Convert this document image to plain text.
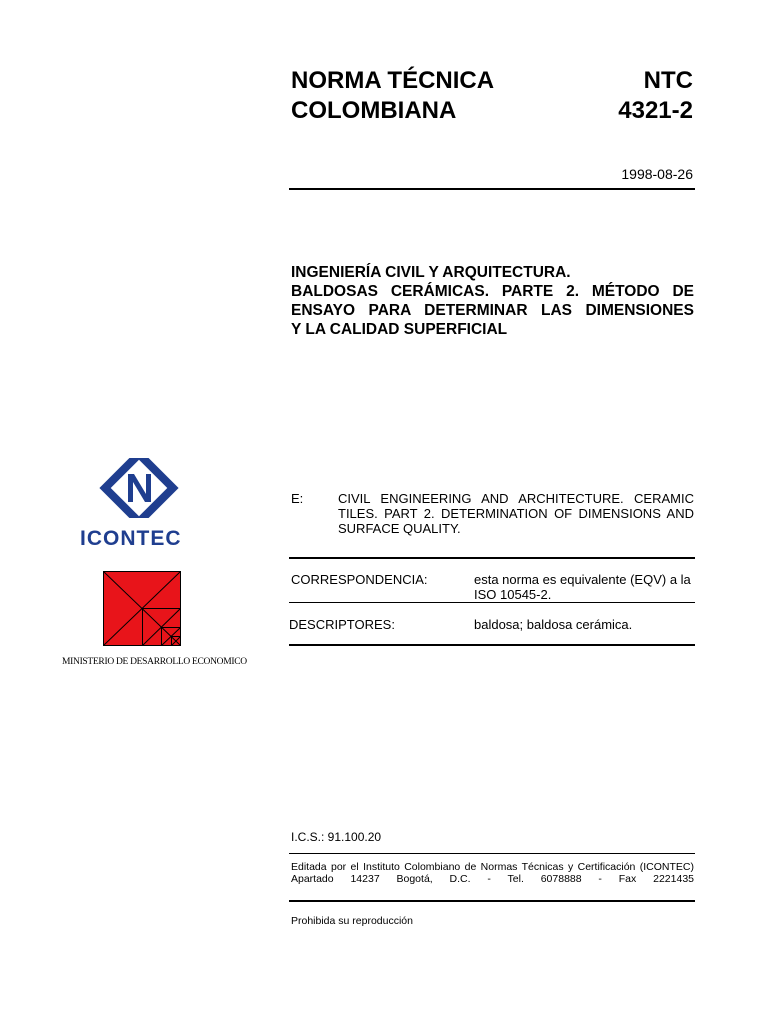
NORMA TÉCNICA
COLOMBIANA
NTC
4321-2
1998-08-26
INGENIERÍA CIVIL Y ARQUITECTURA.
BALDOSAS CERÁMICAS. PARTE 2. MÉTODO DE
ENSAYO PARA DETERMINAR LAS DIMENSIONES
Y LA CALIDAD SUPERFICIAL
ICONTEC
MINISTERIO DE DESARROLLO ECONOMICO
E:	CIVIL ENGINEERING AND ARCHITECTURE. CERAMIC TILES. PART 2. DETERMINATION OF DIMENSIONS AND SURFACE QUALITY.
CORRESPONDENCIA:	esta norma es equivalente (EQV) a la ISO 10545-2.
DESCRIPTORES:	baldosa; baldosa cerámica.
I.C.S.: 91.100.20
Editada por el Instituto Colombiano de Normas Técnicas y Certificación (ICONTEC)
Apartado 14237 Bogotá, D.C. - Tel. 6078888 - Fax 2221435
Prohibida su reproducción
